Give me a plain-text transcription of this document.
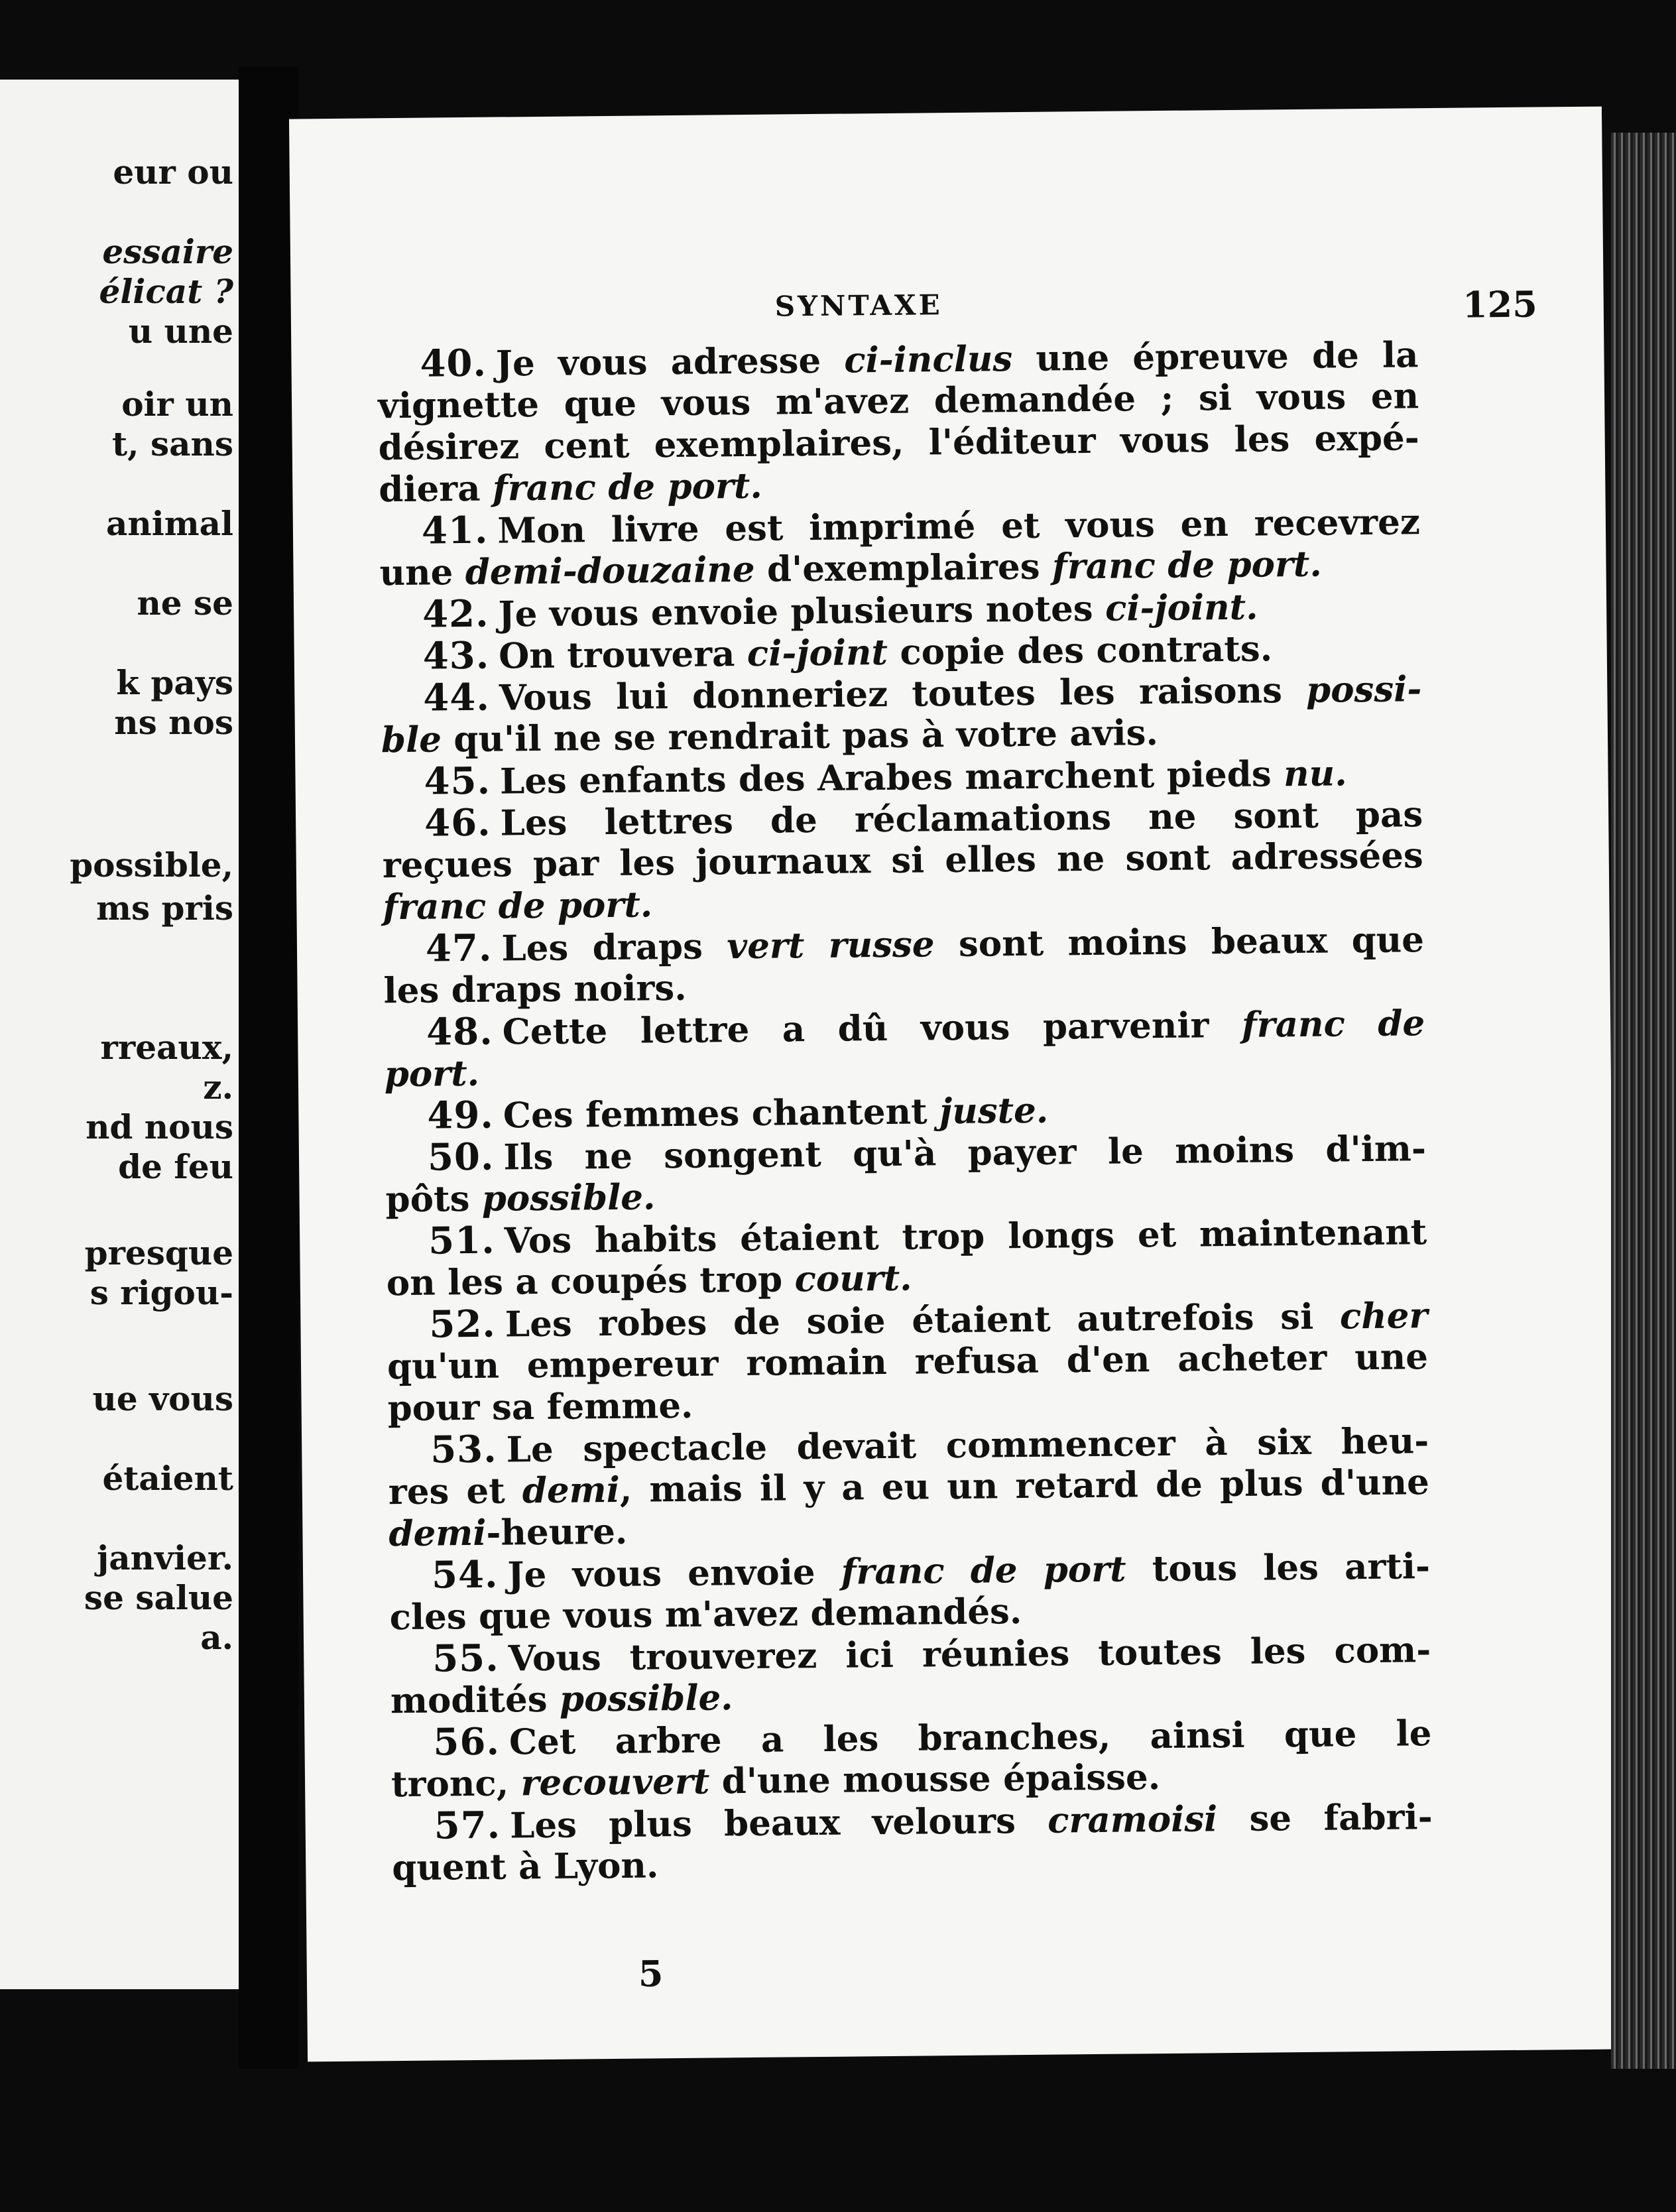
eur ou
essaire
élicat ?
u une
oir un
t, sans
animal
ne se
k pays
ns nos
possible,
ms pris
rreaux,
z.
nd nous
de feu
presque
s rigou-
ue vous
étaient
janvier.
se salue
a.
SYNTAXE	125
40. Je vous adresse ci-inclus une épreuve de la
vignette que vous m'avez demandée ; si vous en
désirez cent exemplaires, l'éditeur vous les expé-
diera franc de port.
41. Mon livre est imprimé et vous en recevrez
une demi-douzaine d'exemplaires franc de port.
42. Je vous envoie plusieurs notes ci-joint.
43. On trouvera ci-joint copie des contrats.
44. Vous lui donneriez toutes les raisons possi-
ble qu'il ne se rendrait pas à votre avis.
45. Les enfants des Arabes marchent pieds nu.
46. Les lettres de réclamations ne sont pas
reçues par les journaux si elles ne sont adressées
franc de port.
47. Les draps vert russe sont moins beaux que
les draps noirs.
48. Cette lettre a dû vous parvenir franc de
port.
49. Ces femmes chantent juste.
50. Ils ne songent qu'à payer le moins d'im-
pôts possible.
51. Vos habits étaient trop longs et maintenant
on les a coupés trop court.
52. Les robes de soie étaient autrefois si cher
qu'un empereur romain refusa d'en acheter une
pour sa femme.
53. Le spectacle devait commencer à six heu-
res et demi, mais il y a eu un retard de plus d'une
demi-heure.
54. Je vous envoie franc de port tous les arti-
cles que vous m'avez demandés.
55. Vous trouverez ici réunies toutes les com-
modités possible.
56. Cet arbre a les branches, ainsi que le
tronc, recouvert d'une mousse épaisse.
57. Les plus beaux velours cramoisi se fabri-
quent à Lyon.
5
